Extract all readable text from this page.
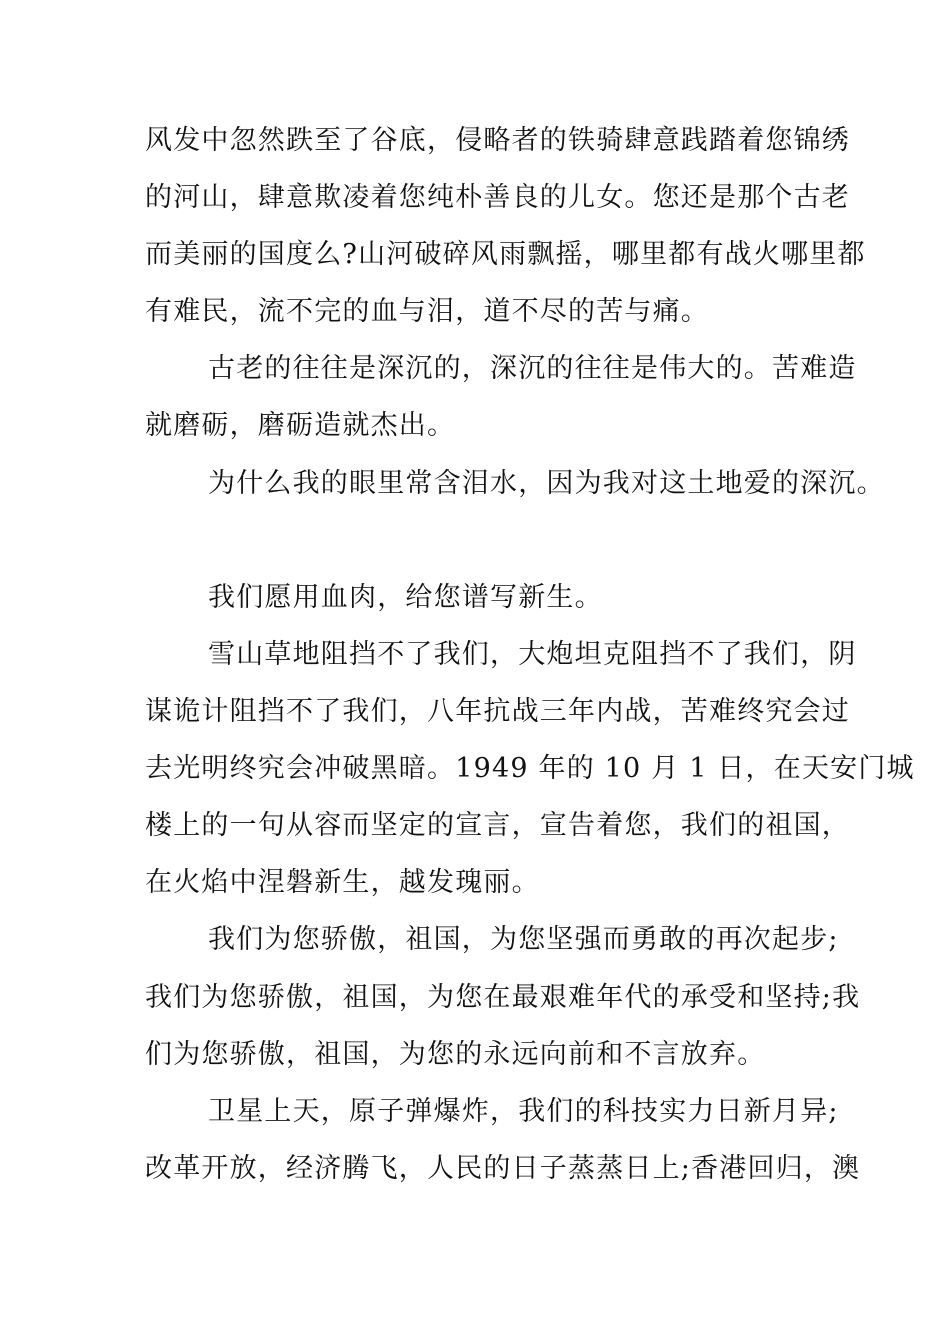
风发中忽然跌至了谷底，侵略者的铁骑肆意践踏着您锦绣
的河山，肆意欺凌着您纯朴善良的儿女。您还是那个古老
而美丽的国度么?山河破碎风雨飘摇，哪里都有战火哪里都
有难民，流不完的血与泪，道不尽的苦与痛。
古老的往往是深沉的，深沉的往往是伟大的。苦难造
就磨砺，磨砺造就杰出。
为什么我的眼里常含泪水，因为我对这土地爱的深沉。
我们愿用血肉，给您谱写新生。
雪山草地阻挡不了我们，大炮坦克阻挡不了我们，阴
谋诡计阻挡不了我们，八年抗战三年内战，苦难终究会过
去光明终究会冲破黑暗。1949 年的 10 月 1 日，在天安门城
楼上的一句从容而坚定的宣言，宣告着您，我们的祖国，
在火焰中涅磐新生，越发瑰丽。
我们为您骄傲，祖国，为您坚强而勇敢的再次起步;
我们为您骄傲，祖国，为您在最艰难年代的承受和坚持;我
们为您骄傲，祖国，为您的永远向前和不言放弃。
卫星上天，原子弹爆炸，我们的科技实力日新月异;
改革开放，经济腾飞，人民的日子蒸蒸日上;香港回归，澳
